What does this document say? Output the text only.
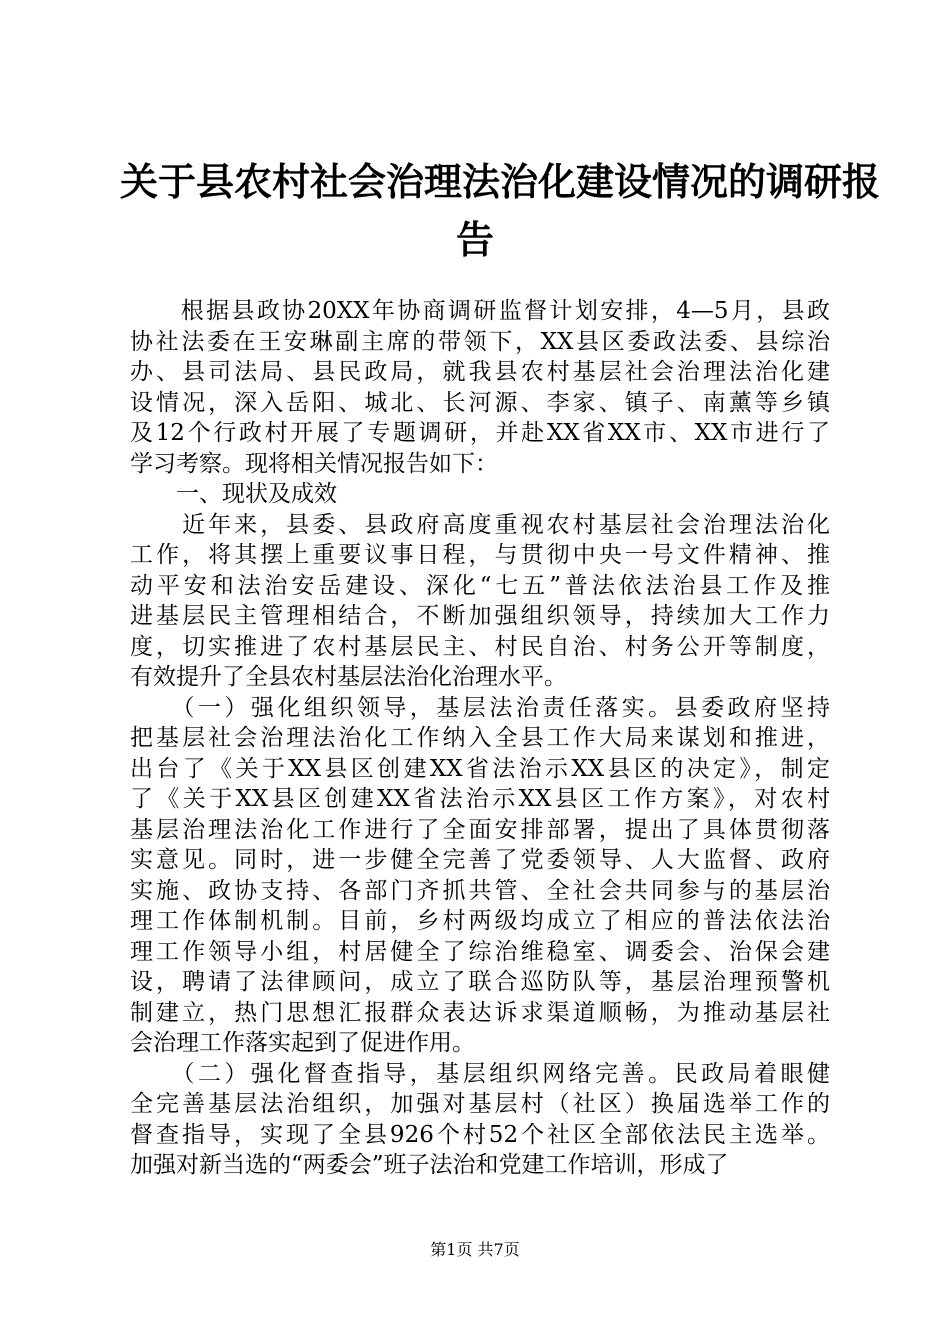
关于县农村社会治理法治化建设情况的调研报
告

　　根据县政协20XX年协商调研监督计划安排，4—5月，县政
协社法委在王安琳副主席的带领下，XX县区委政法委、县综治
办、县司法局、县民政局，就我县农村基层社会治理法治化建
设情况，深入岳阳、城北、长河源、李家、镇子、南薰等乡镇
及12个行政村开展了专题调研，并赴XX省XX市、XX市进行了
学习考察。现将相关情况报告如下：

　　一、现状及成效

　　近年来，县委、县政府高度重视农村基层社会治理法治化
工作，将其摆上重要议事日程，与贯彻中央一号文件精神、推
动平安和法治安岳建设、深化“七五”普法依法治县工作及推
进基层民主管理相结合，不断加强组织领导，持续加大工作力
度，切实推进了农村基层民主、村民自治、村务公开等制度，
有效提升了全县农村基层法治化治理水平。

　　（一）强化组织领导，基层法治责任落实。县委政府坚持
把基层社会治理法治化工作纳入全县工作大局来谋划和推进，
出台了《关于XX县区创建XX省法治示XX县区的决定》，制定
了《关于XX县区创建XX省法治示XX县区工作方案》，对农村
基层治理法治化工作进行了全面安排部署，提出了具体贯彻落
实意见。同时，进一步健全完善了党委领导、人大监督、政府
实施、政协支持、各部门齐抓共管、全社会共同参与的基层治
理工作体制机制。目前，乡村两级均成立了相应的普法依法治
理工作领导小组，村居健全了综治维稳室、调委会、治保会建
设，聘请了法律顾问，成立了联合巡防队等，基层治理预警机
制建立，热门思想汇报群众表达诉求渠道顺畅，为推动基层社
会治理工作落实起到了促进作用。

　　（二）强化督查指导，基层组织网络完善。民政局着眼健
全完善基层法治组织，加强对基层村（社区）换届选举工作的
督查指导，实现了全县926个村52个社区全部依法民主选举。
加强对新当选的“两委会”班子法治和党建工作培训，形成了

第1页 共7页
